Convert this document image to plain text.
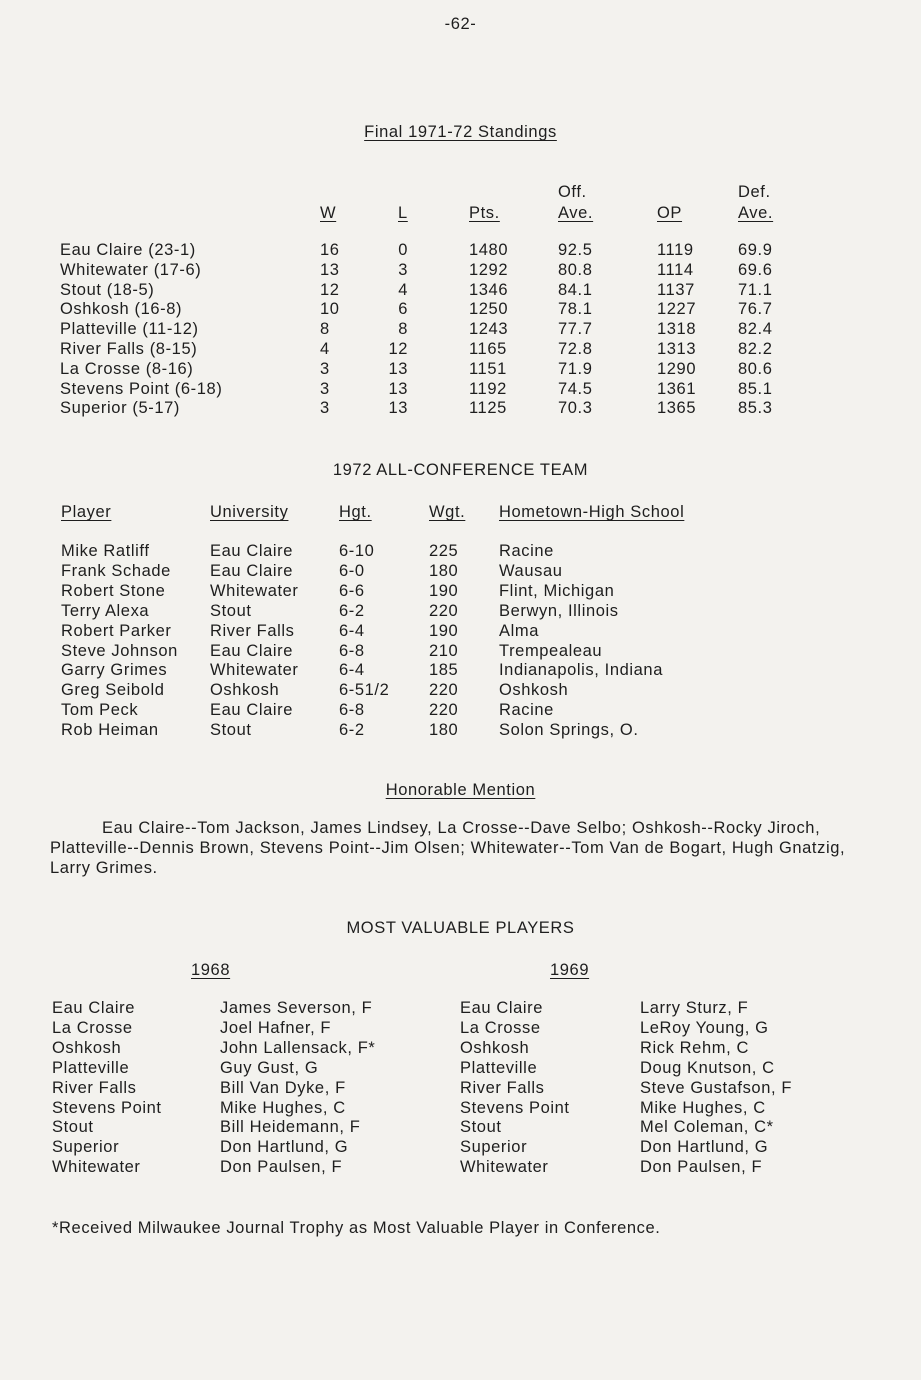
-62-
Final 1971-72 Standings
Off.	Def.
W	L	Pts.	Ave.	OP	Ave.
Eau Claire (23-1)	16	0	1480	92.5	1119	69.9
Whitewater (17-6)	13	3	1292	80.8	1114	69.6
Stout (18-5)	12	4	1346	84.1	1137	71.1
Oshkosh (16-8)	10	6	1250	78.1	1227	76.7
Platteville (11-12)	8	8	1243	77.7	1318	82.4
River Falls (8-15)	4	12	1165	72.8	1313	82.2
La Crosse (8-16)	3	13	1151	71.9	1290	80.6
Stevens Point (6-18)	3	13	1192	74.5	1361	85.1
Superior (5-17)	3	13	1125	70.3	1365	85.3
1972 ALL-CONFERENCE TEAM
Player	University	Hgt.	Wgt. Hometown-High School
Mike Ratliff	Eau Claire	6-10	225 Racine
Frank Schade Eau Claire	6-0	180 Wausau
Robert Stone	Whitewater 6-6	190 Flint, Michigan
Terry Alexa	Stout	6-2	220 Berwyn, Illinois
Robert Parker River Falls	6-4	190 Alma
Steve Johnson Eau Claire	6-8	210 Trempealeau
Garry Grimes	Whitewater 6-4	185 Indianapolis, Indiana
Greg Seibold	Oshkosh	6-51/2 220 Oshkosh
Tom Peck	Eau Claire	6-8	220 Racine
Rob Heiman	Stout	6-2	180 Solon Springs, O.
Honorable Mention
Eau Claire--Tom Jackson, James Lindsey, La Crosse--Dave Selbo; Oshkosh--Rocky Jiroch, Platteville--Dennis Brown, Stevens Point--Jim Olsen; Whitewater--Tom Van de Bogart, Hugh Gnatzig, Larry Grimes.
MOST VALUABLE PLAYERS
1968	1969
Eau Claire	James Severson, F	Eau Claire	Larry Sturz, F
La Crosse	Joel Hafner, F	La Crosse	LeRoy Young, G
Oshkosh	John Lallensack, F*	Oshkosh	Rick Rehm, C
Platteville	Guy Gust, G	Platteville	Doug Knutson, C
River Falls	Bill Van Dyke, F	River Falls	Steve Gustafson, F
Stevens Point	Mike Hughes, C	Stevens Point	Mike Hughes, C
Stout	Bill Heidemann, F	Stout	Mel Coleman, C*
Superior	Don Hartlund, G	Superior	Don Hartlund, G
Whitewater	Don Paulsen, F	Whitewater	Don Paulsen, F
*Received Milwaukee Journal Trophy as Most Valuable Player in Conference.
